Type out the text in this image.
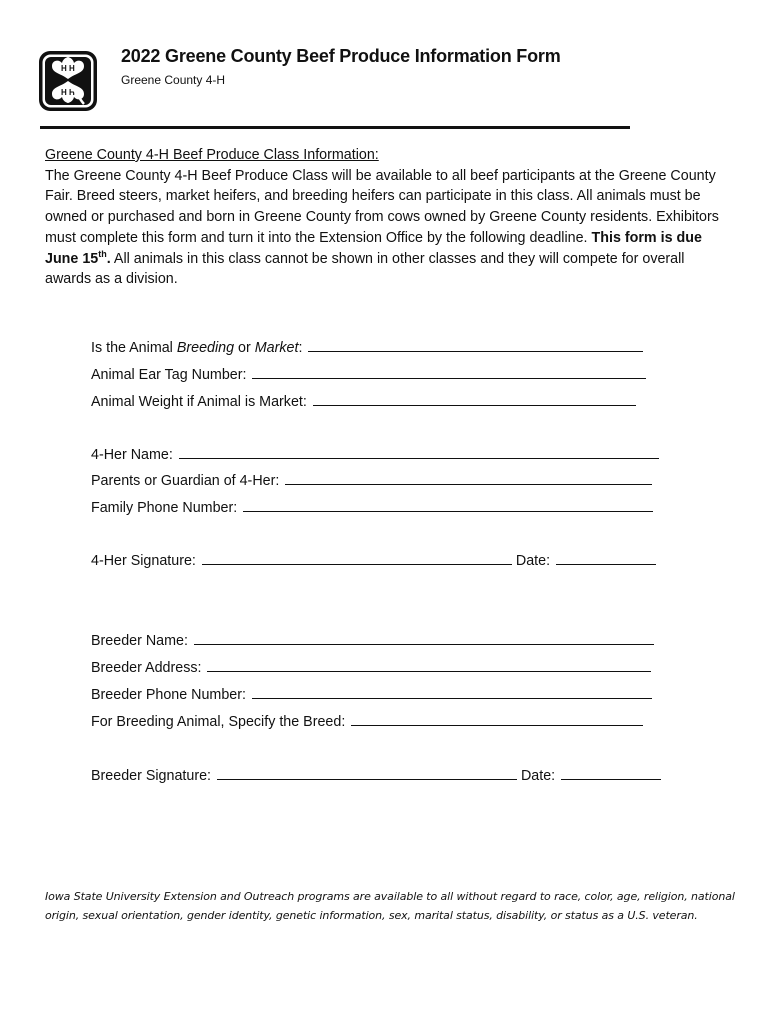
H H
H H
2022 Greene County Beef Produce Information Form
Greene County 4-H
Greene County 4-H Beef Produce Class Information:
The Greene County 4-H Beef Produce Class will be available to all beef participants at the Greene County Fair. Breed steers, market heifers, and breeding heifers can participate in this class. All animals must be owned or purchased and born in Greene County from cows owned by Greene County residents. Exhibitors must complete this form and turn it into the Extension Office by the following deadline. This form is due June 15th. All animals in this class cannot be shown in other classes and they will compete for overall awards as a division.
Is the Animal Breeding or Market:
Animal Ear Tag Number:
Animal Weight if Animal is Market:
4-Her Name:
Parents or Guardian of 4-Her:
Family Phone Number:
4-Her Signature:	Date:
Breeder Name:
Breeder Address:
Breeder Phone Number:
For Breeding Animal, Specify the Breed:
Breeder Signature:	Date:
Iowa State University Extension and Outreach programs are available to all without regard to race, color, age, religion, national origin, sexual orientation, gender identity, genetic information, sex, marital status, disability, or status as a U.S. veteran.
